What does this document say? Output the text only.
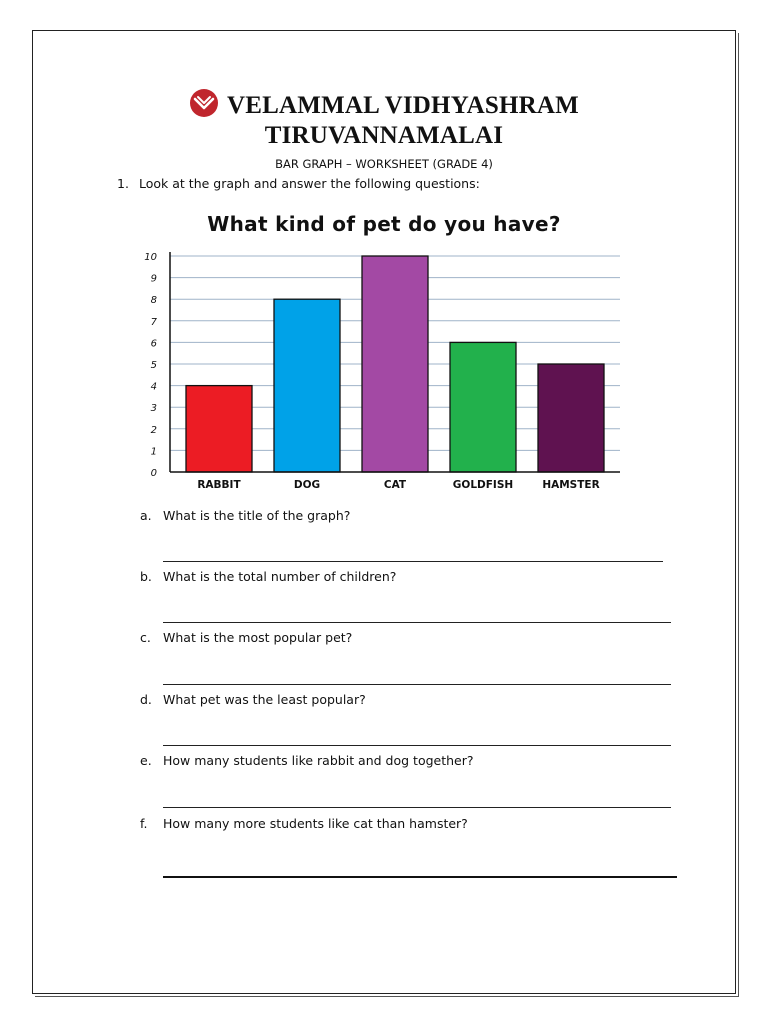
VELAMMAL VIDHYASHRAM
TIRUVANNAMALAI
BAR GRAPH – WORKSHEET (GRADE 4)
1. Look at the graph and answer the following questions:
What kind of pet do you have?
0
1
2
3
4
5
6
7
8
9
10
RABBIT	DOG	CAT	GOLDFISH	HAMSTER
a. What is the title of the graph?
b. What is the total number of children?
c. What is the most popular pet?
d. What pet was the least popular?
e. How many students like rabbit and dog together?
f. How many more students like cat than hamster?
